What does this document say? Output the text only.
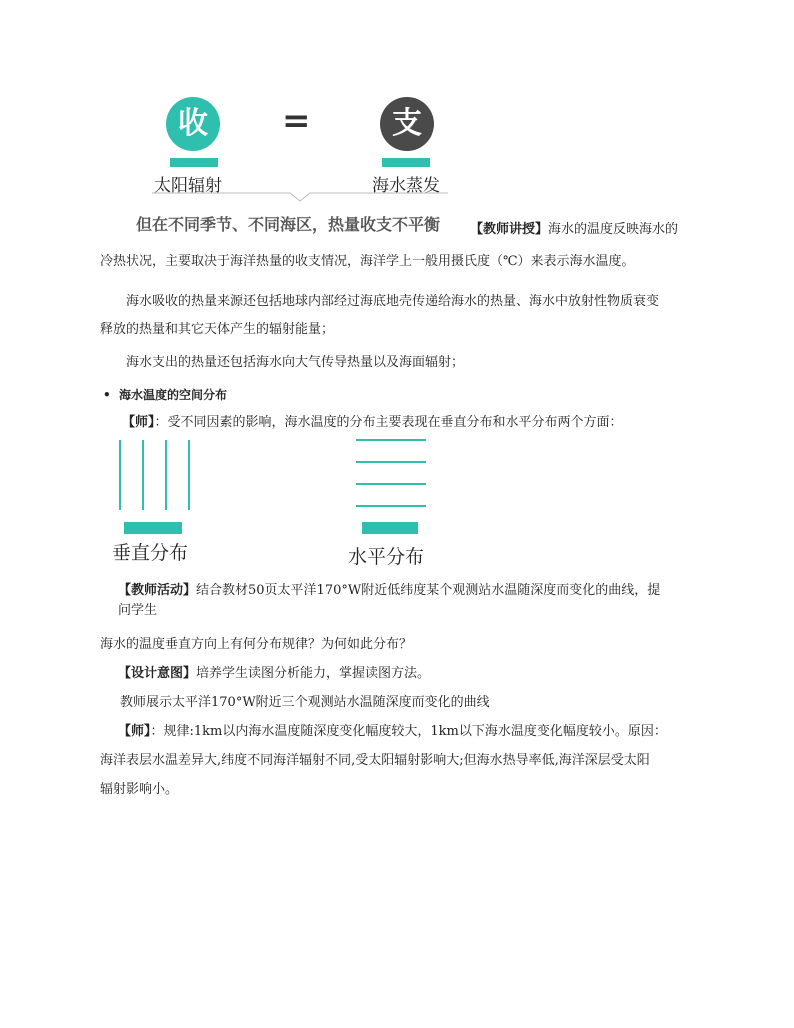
收	=	支
太阳辐射	海水蒸发
但在不同季节、不同海区，热量收支不平衡 【教师讲授】海水的温度反映海水的
冷热状况，主要取决于海洋热量的收支情况，海洋学上一般用摄氏度（℃）来表示海水温度。
海水吸收的热量来源还包括地球内部经过海底地壳传递给海水的热量、海水中放射性物质衰变
释放的热量和其它天体产生的辐射能量；
海水支出的热量还包括海水向大气传导热量以及海面辐射；
• 海水温度的空间分布
【师】：受不同因素的影响，海水温度的分布主要表现在垂直分布和水平分布两个方面：
垂直分布	水平分布
【教师活动】结合教材50页太平洋170°W附近低纬度某个观测站水温随深度而变化的曲线，提
问学生
海水的温度垂直方向上有何分布规律？为何如此分布？
【设计意图】培养学生读图分析能力，掌握读图方法。
教师展示太平洋170°W附近三个观测站水温随深度而变化的曲线
【师】：规律:1km以内海水温度随深度变化幅度较大，1km以下海水温度变化幅度较小。原因：
海洋表层水温差异大,纬度不同海洋辐射不同,受太阳辐射影响大;但海水热导率低,海洋深层受太阳
辐射影响小。
